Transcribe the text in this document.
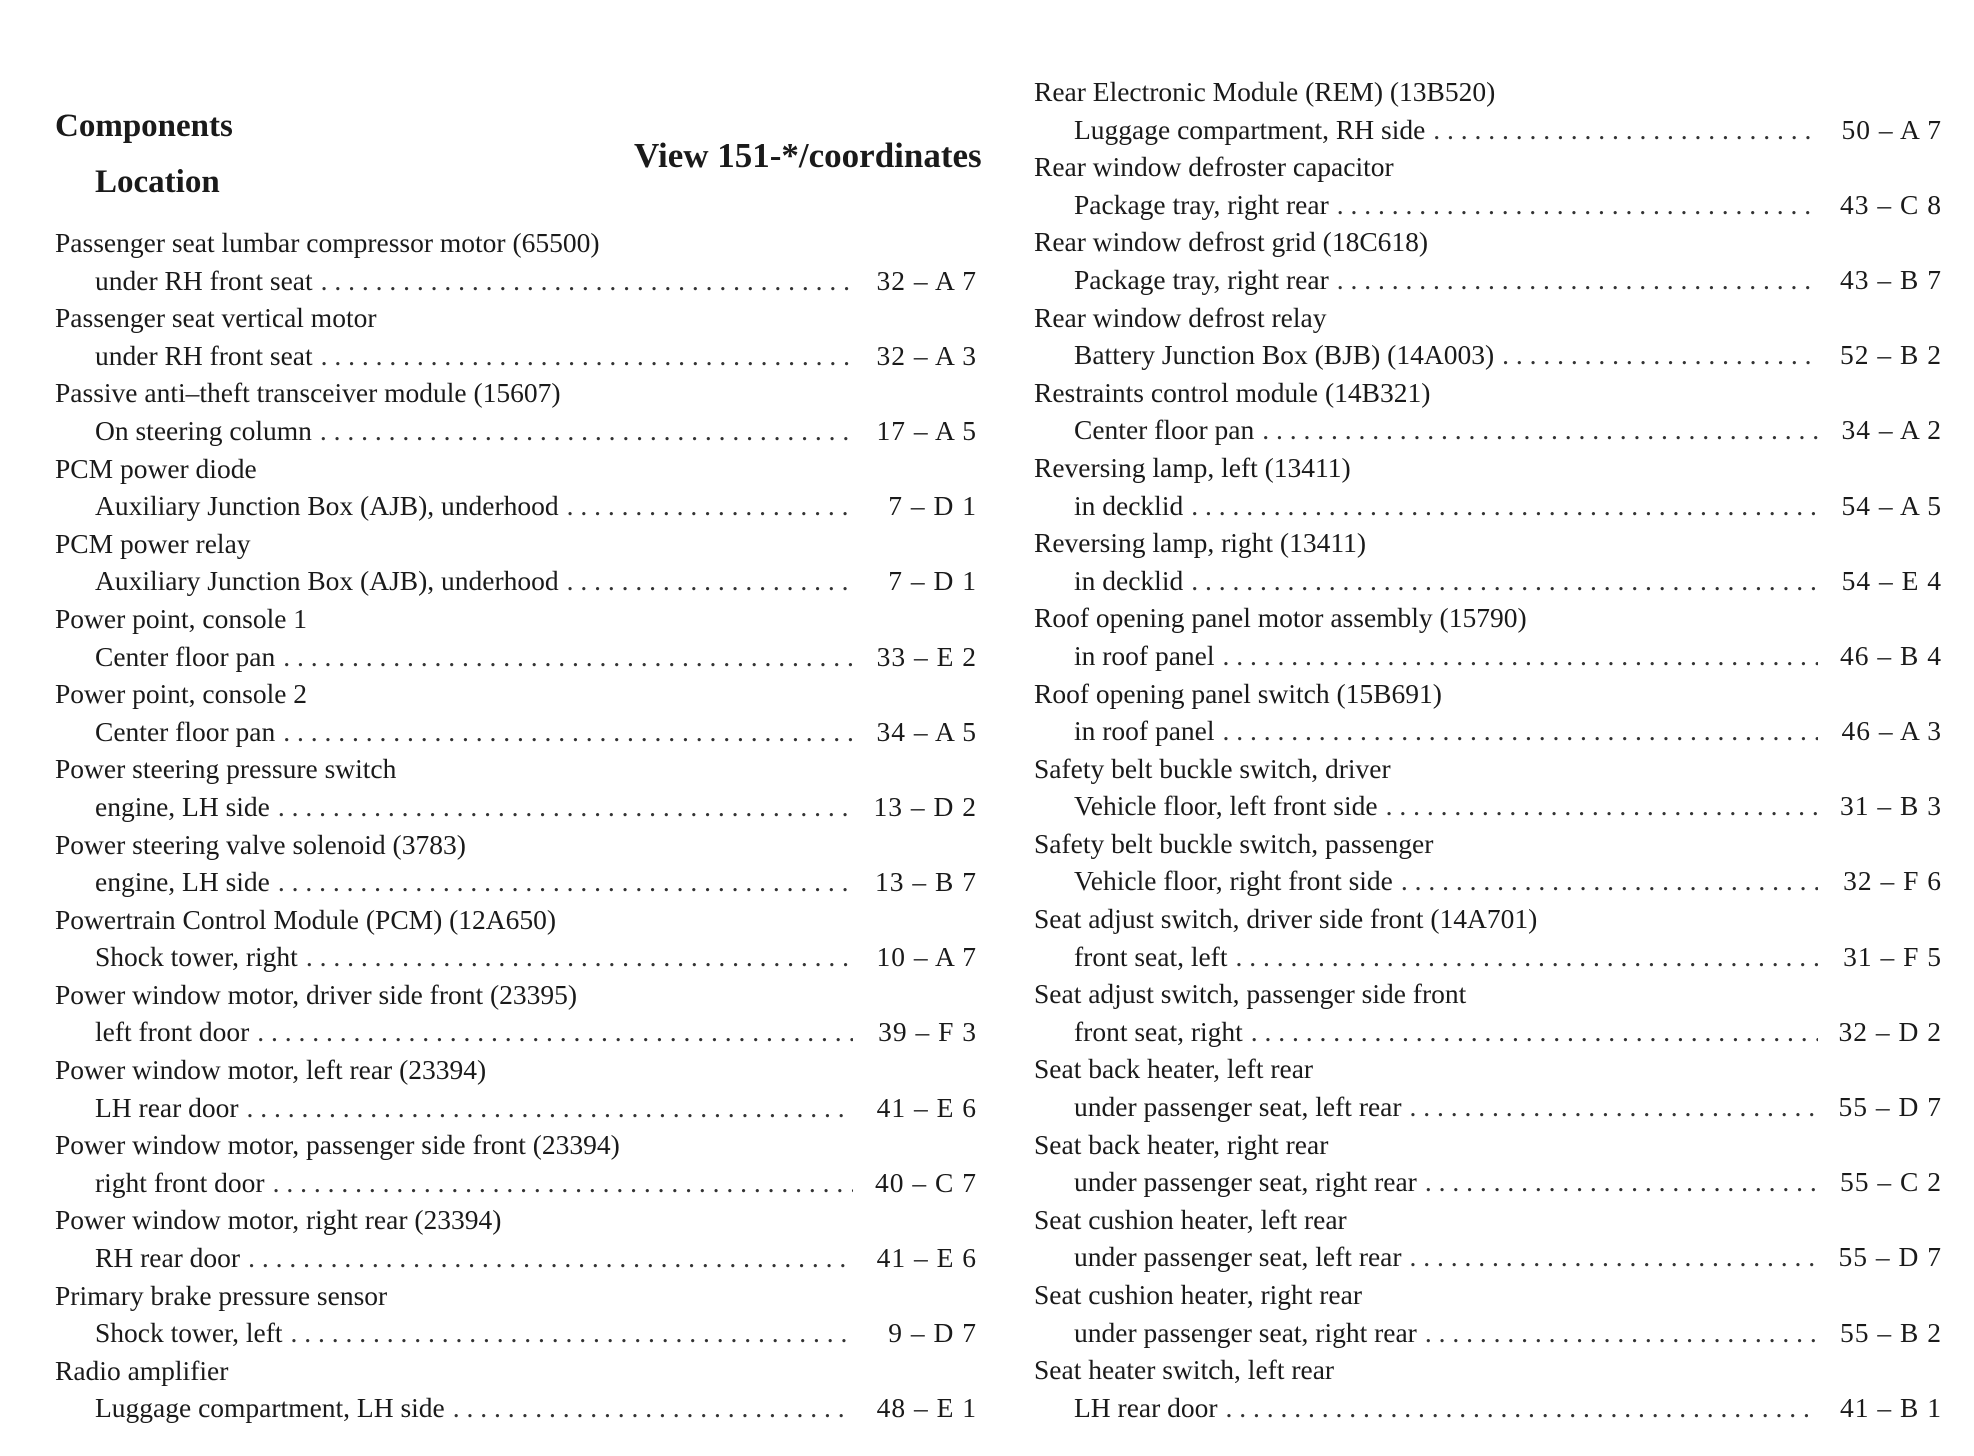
Components
Location
View 151-*/coordinates
Passenger seat lumbar compressor motor (65500)
under RH front seat . . .	32 – A 7
Passenger seat vertical motor
under RH front seat . . .	32 – A 3
Passive anti–theft transceiver module (15607)
On steering column . . .	17 – A 5
PCM power diode
Auxiliary Junction Box (AJB), underhood . . .	7 – D 1
PCM power relay
Auxiliary Junction Box (AJB), underhood . . .	7 – D 1
Power point, console 1
Center floor pan . . .	33 – E 2
Power point, console 2
Center floor pan . . .	34 – A 5
Power steering pressure switch
engine, LH side . . .	13 – D 2
Power steering valve solenoid (3783)
engine, LH side . . .	13 – B 7
Powertrain Control Module (PCM) (12A650)
Shock tower, right . . .	10 – A 7
Power window motor, driver side front (23395)
left front door . . .	39 – F 3
Power window motor, left rear (23394)
LH rear door . . .	41 – E 6
Power window motor, passenger side front (23394)
right front door . . .	40 – C 7
Power window motor, right rear (23394)
RH rear door . . .	41 – E 6
Primary brake pressure sensor
Shock tower, left . . .	9 – D 7
Radio amplifier
Luggage compartment, LH side . . .	48 – E 1
Rear Electronic Module (REM) (13B520)
Luggage compartment, RH side . . .	50 – A 7
Rear window defroster capacitor
Package tray, right rear . . .	43 – C 8
Rear window defrost grid (18C618)
Package tray, right rear . . .	43 – B 7
Rear window defrost relay
Battery Junction Box (BJB) (14A003) . . .	52 – B 2
Restraints control module (14B321)
Center floor pan . . .	34 – A 2
Reversing lamp, left (13411)
in decklid . . .	54 – A 5
Reversing lamp, right (13411)
in decklid . . .	54 – E 4
Roof opening panel motor assembly (15790)
in roof panel . . .	46 – B 4
Roof opening panel switch (15B691)
in roof panel . . .	46 – A 3
Safety belt buckle switch, driver
Vehicle floor, left front side . . .	31 – B 3
Safety belt buckle switch, passenger
Vehicle floor, right front side . . .	32 – F 6
Seat adjust switch, driver side front (14A701)
front seat, left . . .	31 – F 5
Seat adjust switch, passenger side front
front seat, right . . .	32 – D 2
Seat back heater, left rear
under passenger seat, left rear . . .	55 – D 7
Seat back heater, right rear
under passenger seat, right rear . . .	55 – C 2
Seat cushion heater, left rear
under passenger seat, left rear . . .	55 – D 7
Seat cushion heater, right rear
under passenger seat, right rear . . .	55 – B 2
Seat heater switch, left rear
LH rear door . . .	41 – B 1
